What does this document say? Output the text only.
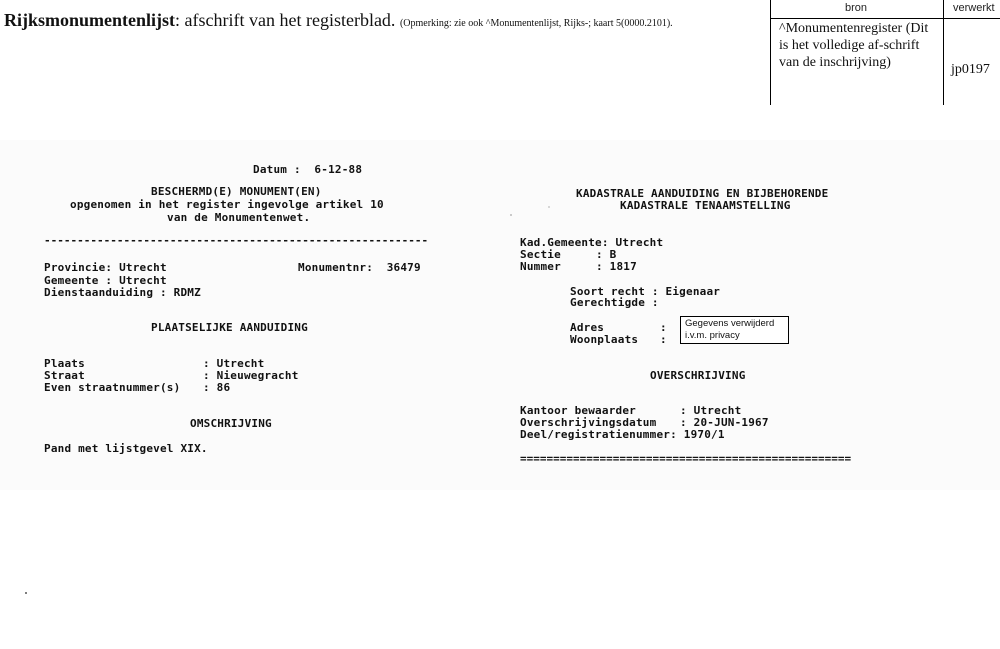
Rijksmonumentenlijst: afschrift van het registerblad. (Opmerking: zie ook ^Monumentenlijst, Rijks-; kaart 5(0000.2101).
bron	verwerkt
^Monumentenregister (Dit is het volledige af-schrift van de inschrijving)	jp0197
Datum :  6-12-88
BESCHERMD(E) MONUMENT(EN)
opgenomen in het register ingevolge artikel 10
van de Monumentenwet.
----------------------------------------------------------
Provincie: Utrecht	Monumentnr:  36479
Gemeente : Utrecht
Dienstaanduiding : RDMZ
PLAATSELIJKE AANDUIDING
Plaats	: Utrecht
Straat	: Nieuwegracht
Even straatnummer(s) : 86
OMSCHRIJVING
Pand met lijstgevel XIX.
KADASTRALE AANDUIDING EN BIJBEHORENDE
KADASTRALE TENAAMSTELLING
Kad.Gemeente: Utrecht
Sectie	: B
Nummer	: 1817
Soort recht : Eigenaar
Gerechtigde :
Adres	:
Woonplaats :
Gegevens verwijderd
i.v.m. privacy
OVERSCHRIJVING
Kantoor bewaarder	: Utrecht
Overschrijvingsdatum : 20-JUN-1967
Deel/registratienummer: 1970/1
==================================================
